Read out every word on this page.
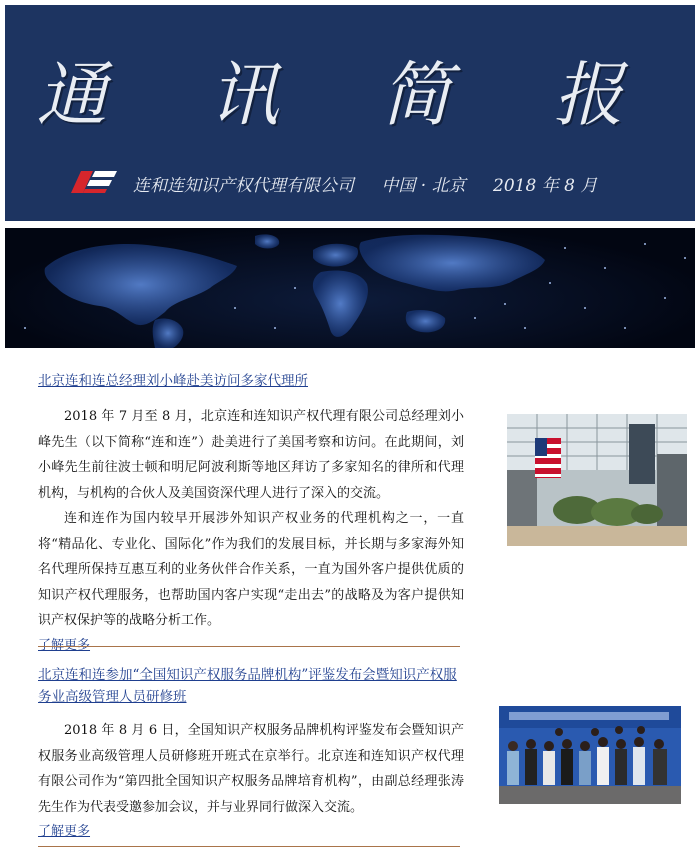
通 讯 简 报
连和连知识产权代理有限公司 中国 · 北京 2018 年 8 月
北京连和连总经理刘小峰赴美访问多家代理所

2018 年 7 月至 8 月，北京连和连知识产权代理有限公司总经理刘小峰先生（以下简称“连和连”）赴美进行了美国考察和访问。在此期间，刘小峰先生前往波士顿和明尼阿波利斯等地区拜访了多家知名的律所和代理机构，与机构的合伙人及美国资深代理人进行了深入的交流。

连和连作为国内较早开展涉外知识产权业务的代理机构之一，一直将“精品化、专业化、国际化”作为我们的发展目标，并长期与多家海外知名代理所保持互惠互利的业务伙伴合作关系，一直为国外客户提供优质的知识产权代理服务，也帮助国内客户实现“走出去”的战略及为客户提供知识产权保护等的战略分析工作。

了解更多
北京连和连参加“全国知识产权服务品牌机构”评鉴发布会暨知识产权服务业高级管理人员研修班

2018 年 8 月 6 日，全国知识产权服务品牌机构评鉴发布会暨知识产权服务业高级管理人员研修班开班式在京举行。北京连和连知识产权代理有限公司作为“第四批全国知识产权服务品牌培育机构”，由副总经理张涛先生作为代表受邀参加会议，并与业界同行做深入交流。

了解更多
